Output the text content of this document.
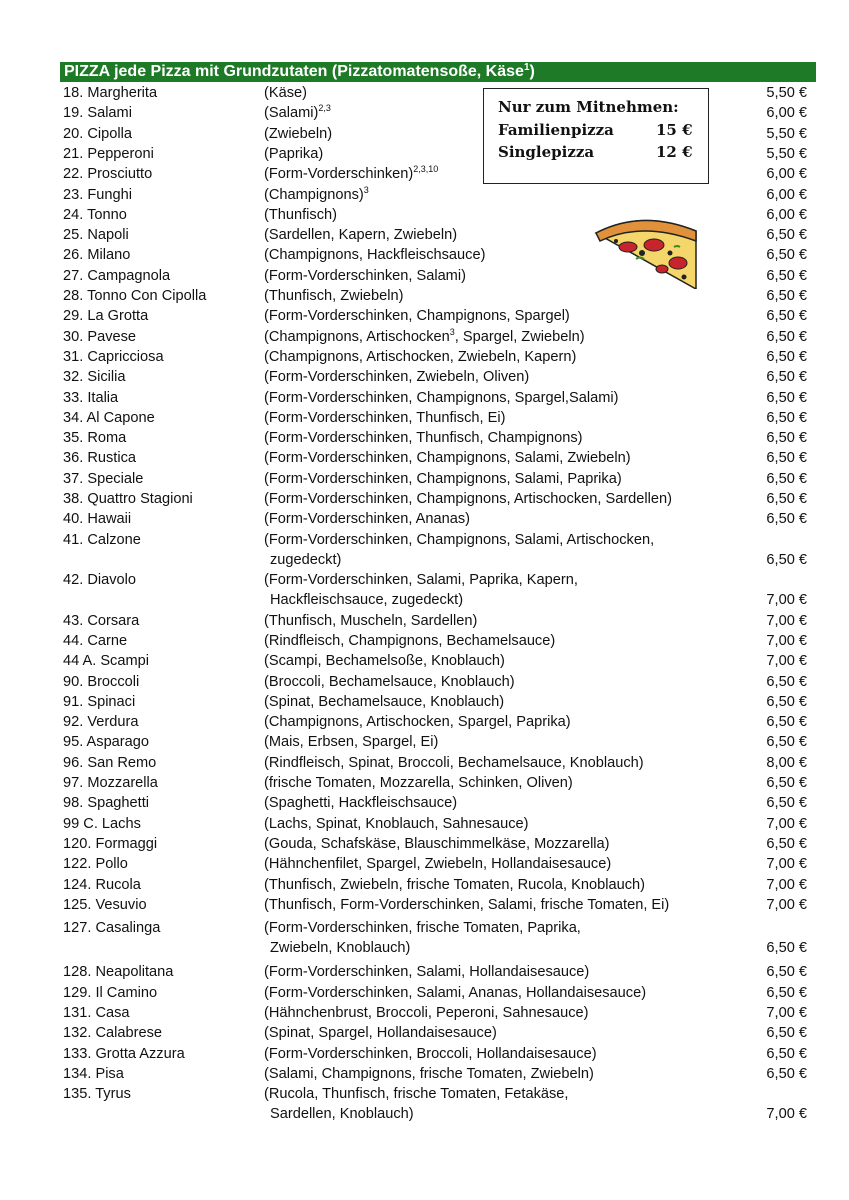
PIZZA jede Pizza mit Grundzutaten (Pizzatomatensoße, Käse$^1$)
18. Margherita	(Käse)	5,50 €
19. Salami	(Salami)$^{2,3}$	6,00 €
20. Cipolla	(Zwiebeln)	5,50 €
21. Pepperoni	(Paprika)	5,50 €
22. Prosciutto	(Form-Vorderschinken)$^{2,3,10}$	6,00 €
23. Funghi	(Champignons)$^3$	6,00 €
24. Tonno	(Thunfisch)	6,00 €
25. Napoli	(Sardellen, Kapern, Zwiebeln)	6,50 €
26. Milano	(Champignons, Hackfleischsauce)	6,50 €
27. Campagnola	(Form-Vorderschinken, Salami)	6,50 €
28. Tonno Con Cipolla	(Thunfisch, Zwiebeln)	6,50 €
29. La Grotta	(Form-Vorderschinken, Champignons, Spargel)	6,50 €
30. Pavese	(Champignons, Artischocken$^3$, Spargel, Zwiebeln)	6,50 €
31. Capricciosa	(Champignons, Artischocken, Zwiebeln, Kapern)	6,50 €
32. Sicilia	(Form-Vorderschinken, Zwiebeln, Oliven)	6,50 €
33. Italia	(Form-Vorderschinken, Champignons, Spargel,Salami)	6,50 €
34. Al Capone	(Form-Vorderschinken, Thunfisch, Ei)	6,50 €
35. Roma	(Form-Vorderschinken, Thunfisch, Champignons)	6,50 €
36. Rustica	(Form-Vorderschinken, Champignons, Salami, Zwiebeln)	6,50 €
37. Speciale	(Form-Vorderschinken, Champignons, Salami, Paprika)	6,50 €
38. Quattro Stagioni	(Form-Vorderschinken, Champignons, Artischocken, Sardellen)	6,50 €
40. Hawaii	(Form-Vorderschinken, Ananas)	6,50 €
41. Calzone	(Form-Vorderschinken, Champignons, Salami, Artischocken,
zugedeckt)	6,50 €
42. Diavolo	(Form-Vorderschinken, Salami, Paprika, Kapern,
Hackfleischsauce, zugedeckt)	7,00 €
43. Corsara	(Thunfisch, Muscheln, Sardellen)	7,00 €
44. Carne	(Rindfleisch, Champignons, Bechamelsauce)	7,00 €
44 A. Scampi	(Scampi, Bechamelsoße, Knoblauch)	7,00 €
90. Broccoli	(Broccoli, Bechamelsauce, Knoblauch)	6,50 €
91. Spinaci	(Spinat, Bechamelsauce, Knoblauch)	6,50 €
92. Verdura	(Champignons, Artischocken, Spargel, Paprika)	6,50 €
95. Asparago	(Mais, Erbsen, Spargel, Ei)	6,50 €
96. San Remo	(Rindfleisch, Spinat, Broccoli, Bechamelsauce, Knoblauch)	8,00 €
97. Mozzarella	(frische Tomaten, Mozzarella, Schinken, Oliven)	6,50 €
98. Spaghetti	(Spaghetti, Hackfleischsauce)	6,50 €
99 C. Lachs	(Lachs, Spinat, Knoblauch, Sahnesauce)	7,00 €
120. Formaggi	(Gouda, Schafskäse, Blauschimmelkäse, Mozzarella)	6,50 €
122. Pollo	(Hähnchenfilet, Spargel, Zwiebeln, Hollandaisesauce)	7,00 €
124. Rucola	(Thunfisch, Zwiebeln, frische Tomaten, Rucola, Knoblauch)	7,00 €
125. Vesuvio	(Thunfisch, Form-Vorderschinken, Salami, frische Tomaten, Ei)	7,00 €
127. Casalinga	(Form-Vorderschinken, frische Tomaten, Paprika,
Zwiebeln, Knoblauch)	6,50 €
128. Neapolitana	(Form-Vorderschinken, Salami, Hollandaisesauce)	6,50 €
129. Il Camino	(Form-Vorderschinken, Salami, Ananas, Hollandaisesauce)	6,50 €
131. Casa	(Hähnchenbrust, Broccoli, Peperoni, Sahnesauce)	7,00 €
132. Calabrese	(Spinat, Spargel, Hollandaisesauce)	6,50 €
133. Grotta Azzura	(Form-Vorderschinken, Broccoli, Hollandaisesauce)	6,50 €
134. Pisa	(Salami, Champignons, frische Tomaten, Zwiebeln)	6,50 €
135. Tyrus	(Rucola, Thunfisch, frische Tomaten, Fetakäse,
Sardellen, Knoblauch)	7,00 €
Nur zum Mitnehmen:
Familienpizza	15 €
Singlepizza	12 €
